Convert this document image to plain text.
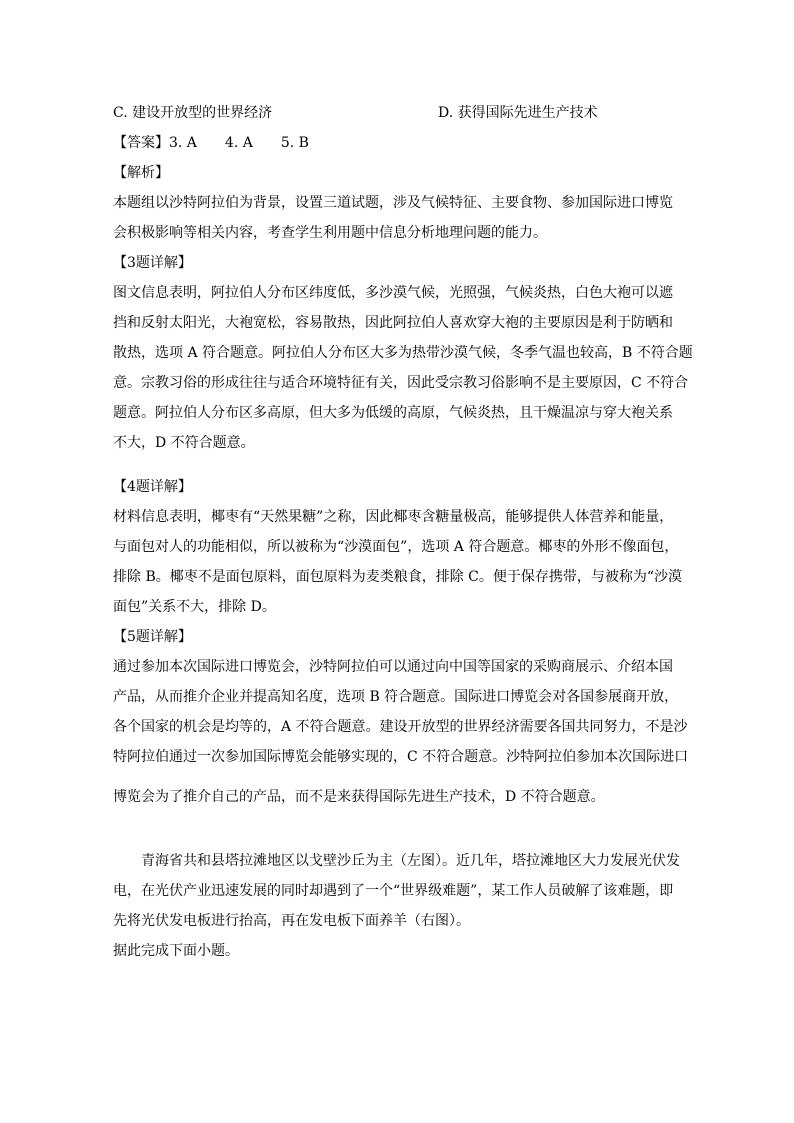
C. 建设开放型的世界经济	D. 获得国际先进生产技术
【答案】3. A　　4. A　　5. B
【解析】
本题组以沙特阿拉伯为背景，设置三道试题，涉及气候特征、主要食物、参加国际进口博览
会积极影响等相关内容，考查学生利用题中信息分析地理问题的能力。
【3题详解】
图文信息表明，阿拉伯人分布区纬度低，多沙漠气候，光照强，气候炎热，白色大袍可以遮
挡和反射太阳光，大袍宽松，容易散热，因此阿拉伯人喜欢穿大袍的主要原因是利于防晒和
散热，选项 A 符合题意。阿拉伯人分布区大多为热带沙漠气候，冬季气温也较高，B 不符合题
意。宗教习俗的形成往往与适合环境特征有关，因此受宗教习俗影响不是主要原因，C 不符合
题意。阿拉伯人分布区多高原，但大多为低缓的高原，气候炎热，且干燥温凉与穿大袍关系
不大，D 不符合题意。
【4题详解】
材料信息表明，椰枣有“天然果糖”之称，因此椰枣含糖量极高，能够提供人体营养和能量，
与面包对人的功能相似，所以被称为“沙漠面包”，选项 A 符合题意。椰枣的外形不像面包，
排除 B。椰枣不是面包原料，面包原料为麦类粮食，排除 C。便于保存携带，与被称为“沙漠
面包”关系不大，排除 D。
【5题详解】
通过参加本次国际进口博览会，沙特阿拉伯可以通过向中国等国家的采购商展示、介绍本国
产品，从而推介企业并提高知名度，选项 B 符合题意。国际进口博览会对各国参展商开放，
各个国家的机会是均等的，A 不符合题意。建设开放型的世界经济需要各国共同努力，不是沙
特阿拉伯通过一次参加国际博览会能够实现的，C 不符合题意。沙特阿拉伯参加本次国际进口
博览会为了推介自己的产品，而不是来获得国际先进生产技术，D 不符合题意。
　　青海省共和县塔拉滩地区以戈壁沙丘为主（左图）。近几年，塔拉滩地区大力发展光伏发
电，在光伏产业迅速发展的同时却遇到了一个“世界级难题”，某工作人员破解了该难题，即
先将光伏发电板进行抬高，再在发电板下面养羊（右图）。
据此完成下面小题。
